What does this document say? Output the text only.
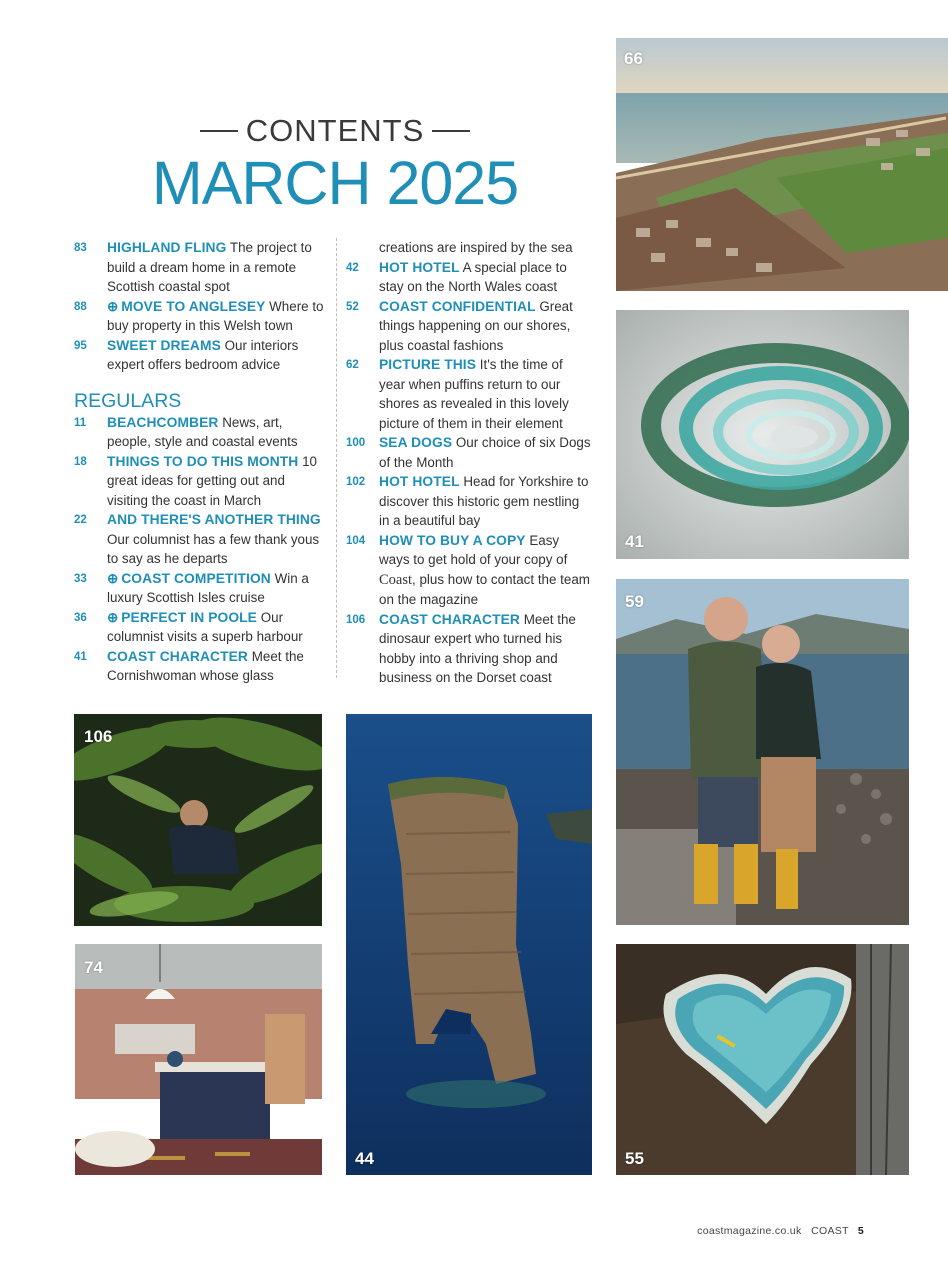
CONTENTS
MARCH 2025
83 HIGHLAND FLING The project to build a dream home in a remote Scottish coastal spot
88 ⊕ MOVE TO ANGLESEY Where to buy property in this Welsh town
95 SWEET DREAMS Our interiors expert offers bedroom advice
REGULARS
11 BEACHCOMBER News, art, people, style and coastal events
18 THINGS TO DO THIS MONTH 10 great ideas for getting out and visiting the coast in March
22 AND THERE'S ANOTHER THING Our columnist has a few thank yous to say as he departs
33 ⊕ COAST COMPETITION Win a luxury Scottish Isles cruise
36 ⊕ PERFECT IN POOLE Our columnist visits a superb harbour
41 COAST CHARACTER Meet the Cornishwoman whose glass
creations are inspired by the sea
42 HOT HOTEL A special place to stay on the North Wales coast
52 COAST CONFIDENTIAL Great things happening on our shores, plus coastal fashions
62 PICTURE THIS It's the time of year when puffins return to our shores as revealed in this lovely picture of them in their element
100 SEA DOGS Our choice of six Dogs of the Month
102 HOT HOTEL Head for Yorkshire to discover this historic gem nestling in a beautiful bay
104 HOW TO BUY A COPY Easy ways to get hold of your copy of Coast, plus how to contact the team on the magazine
106 COAST CHARACTER Meet the dinosaur expert who turned his hobby into a thriving shop and business on the Dorset coast
66
41
59
106
74
44	55
coastmagazine.co.uk COAST 5
